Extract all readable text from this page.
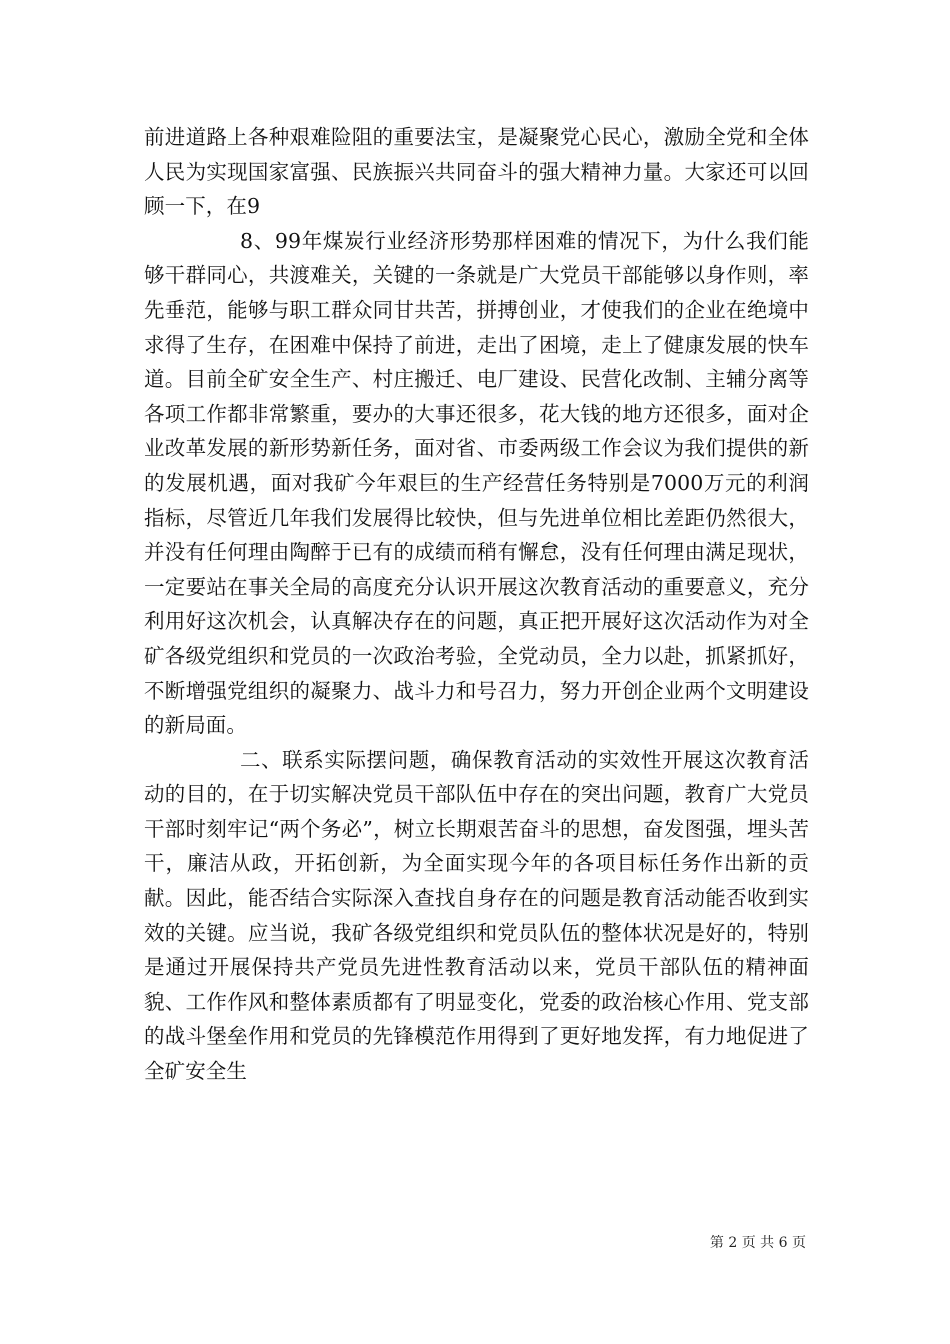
前进道路上各种艰难险阻的重要法宝，是凝聚党心民心，激励全党和全体人民为实现国家富强、民族振兴共同奋斗的强大精神力量。大家还可以回顾一下，在9

8、99年煤炭行业经济形势那样困难的情况下，为什么我们能够干群同心，共渡难关，关键的一条就是广大党员干部能够以身作则，率先垂范，能够与职工群众同甘共苦，拼搏创业，才使我们的企业在绝境中求得了生存，在困难中保持了前进，走出了困境，走上了健康发展的快车道。目前全矿安全生产、村庄搬迁、电厂建设、民营化改制、主辅分离等各项工作都非常繁重，要办的大事还很多，花大钱的地方还很多，面对企业改革发展的新形势新任务，面对省、市委两级工作会议为我们提供的新的发展机遇，面对我矿今年艰巨的生产经营任务特别是7000万元的利润指标，尽管近几年我们发展得比较快，但与先进单位相比差距仍然很大，并没有任何理由陶醉于已有的成绩而稍有懈怠，没有任何理由满足现状，一定要站在事关全局的高度充分认识开展这次教育活动的重要意义，充分利用好这次机会，认真解决存在的问题，真正把开展好这次活动作为对全矿各级党组织和党员的一次政治考验，全党动员，全力以赴，抓紧抓好，不断增强党组织的凝聚力、战斗力和号召力，努力开创企业两个文明建设的新局面。

二、联系实际摆问题，确保教育活动的实效性开展这次教育活动的目的，在于切实解决党员干部队伍中存在的突出问题，教育广大党员干部时刻牢记“两个务必”，树立长期艰苦奋斗的思想，奋发图强，埋头苦干，廉洁从政，开拓创新，为全面实现今年的各项目标任务作出新的贡献。因此，能否结合实际深入查找自身存在的问题是教育活动能否收到实效的关键。应当说，我矿各级党组织和党员队伍的整体状况是好的，特别是通过开展保持共产党员先进性教育活动以来，党员干部队伍的精神面貌、工作作风和整体素质都有了明显变化，党委的政治核心作用、党支部的战斗堡垒作用和党员的先锋模范作用得到了更好地发挥，有力地促进了全矿安全生

第 2 页 共 6 页
